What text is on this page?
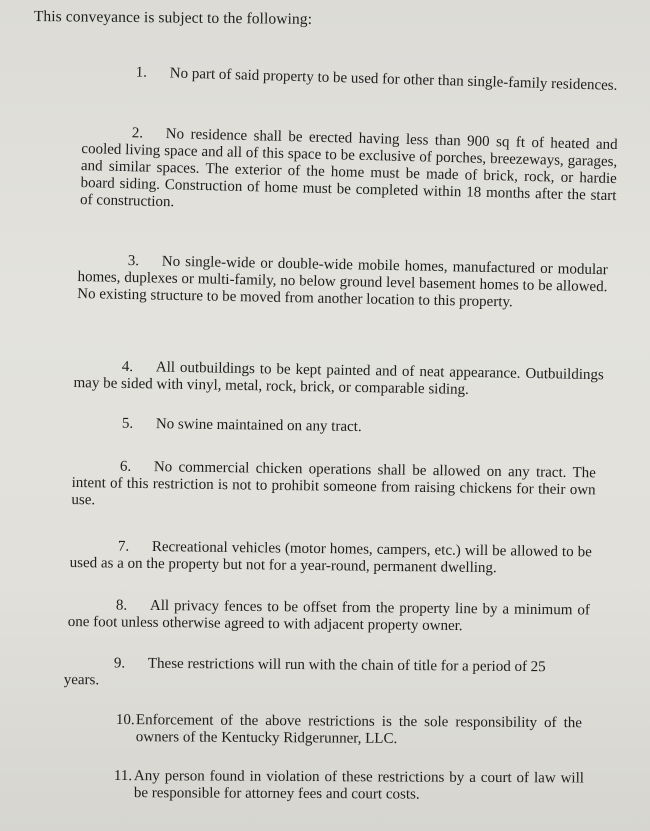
This conveyance is subject to the following:
1. No part of said property to be used for other than single-family residences.
2. No residence shall be erected having less than 900 sq ft of heated and cooled living space and all of this space to be exclusive of porches, breezeways, garages, and similar spaces. The exterior of the home must be made of brick, rock, or hardie board siding. Construction of home must be completed within 18 months after the start of construction.
3. No single-wide or double-wide mobile homes, manufactured or modular homes, duplexes or multi-family, no below ground level basement homes to be allowed. No existing structure to be moved from another location to this property.
4. All outbuildings to be kept painted and of neat appearance. Outbuildings may be sided with vinyl, metal, rock, brick, or comparable siding.
5. No swine maintained on any tract.
6. No commercial chicken operations shall be allowed on any tract. The intent of this restriction is not to prohibit someone from raising chickens for their own use.
7. Recreational vehicles (motor homes, campers, etc.) will be allowed to be used as a on the property but not for a year-round, permanent dwelling.
8. All privacy fences to be offset from the property line by a minimum of one foot unless otherwise agreed to with adjacent property owner.
9. These restrictions will run with the chain of title for a period of 25 years.
10. Enforcement of the above restrictions is the sole responsibility of the owners of the Kentucky Ridgerunner, LLC.
11. Any person found in violation of these restrictions by a court of law will be responsible for attorney fees and court costs.
